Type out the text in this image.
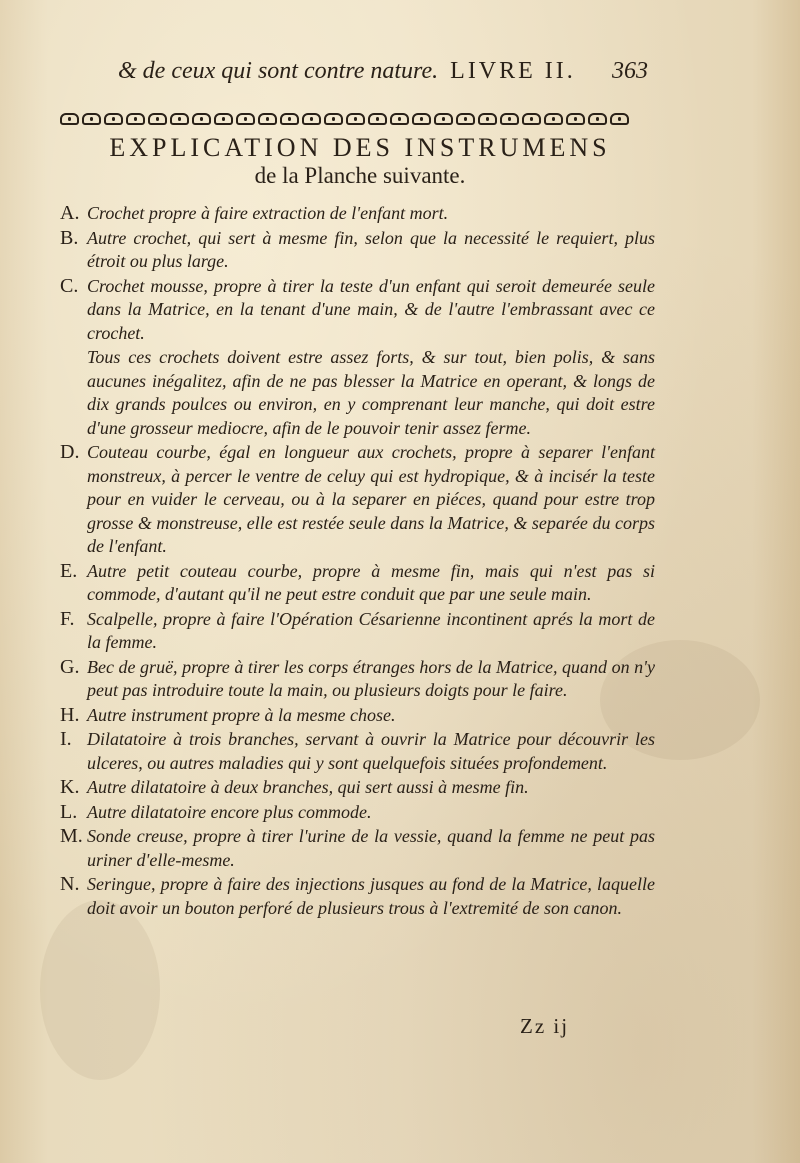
& de ceux qui sont contre nature. LIVRE II.	363
EXPLICATION DES INSTRUMENS
de la Planche suivante.
A. Crochet propre à faire extraction de l'enfant mort.
B. Autre crochet, qui sert à mesme fin, selon que la necessité le requiert, plus étroit ou plus large.
C. Crochet mousse, propre à tirer la teste d'un enfant qui seroit demeurée seule dans la Matrice, en la tenant d'une main, & de l'autre l'embrassant avec ce crochet.
Tous ces crochets doivent estre assez forts, & sur tout, bien polis, & sans aucunes inégalitez, afin de ne pas blesser la Matrice en operant, & longs de dix grands poulces ou environ, en y comprenant leur manche, qui doit estre d'une grosseur mediocre, afin de le pouvoir tenir assez ferme.
D. Couteau courbe, égal en longueur aux crochets, propre à separer l'enfant monstreux, à percer le ventre de celuy qui est hydropique, & à incisér la teste pour en vuider le cerveau, ou à la separer en piéces, quand pour estre trop grosse & monstreuse, elle est restée seule dans la Matrice, & separée du corps de l'enfant.
E. Autre petit couteau courbe, propre à mesme fin, mais qui n'est pas si commode, d'autant qu'il ne peut estre conduit que par une seule main.
F. Scalpelle, propre à faire l'Opération Césarienne incontinent aprés la mort de la femme.
G. Bec de gruë, propre à tirer les corps étranges hors de la Matrice, quand on n'y peut pas introduire toute la main, ou plusieurs doigts pour le faire.
H. Autre instrument propre à la mesme chose.
I. Dilatatoire à trois branches, servant à ouvrir la Matrice pour découvrir les ulceres, ou autres maladies qui y sont quelquefois situées profondement.
K. Autre dilatatoire à deux branches, qui sert aussi à mesme fin.
L. Autre dilatatoire encore plus commode.
M. Sonde creuse, propre à tirer l'urine de la vessie, quand la femme ne peut pas uriner d'elle-mesme.
N. Seringue, propre à faire des injections jusques au fond de la Matrice, laquelle doit avoir un bouton perforé de plusieurs trous à l'extremité de son canon.
Zz ij
